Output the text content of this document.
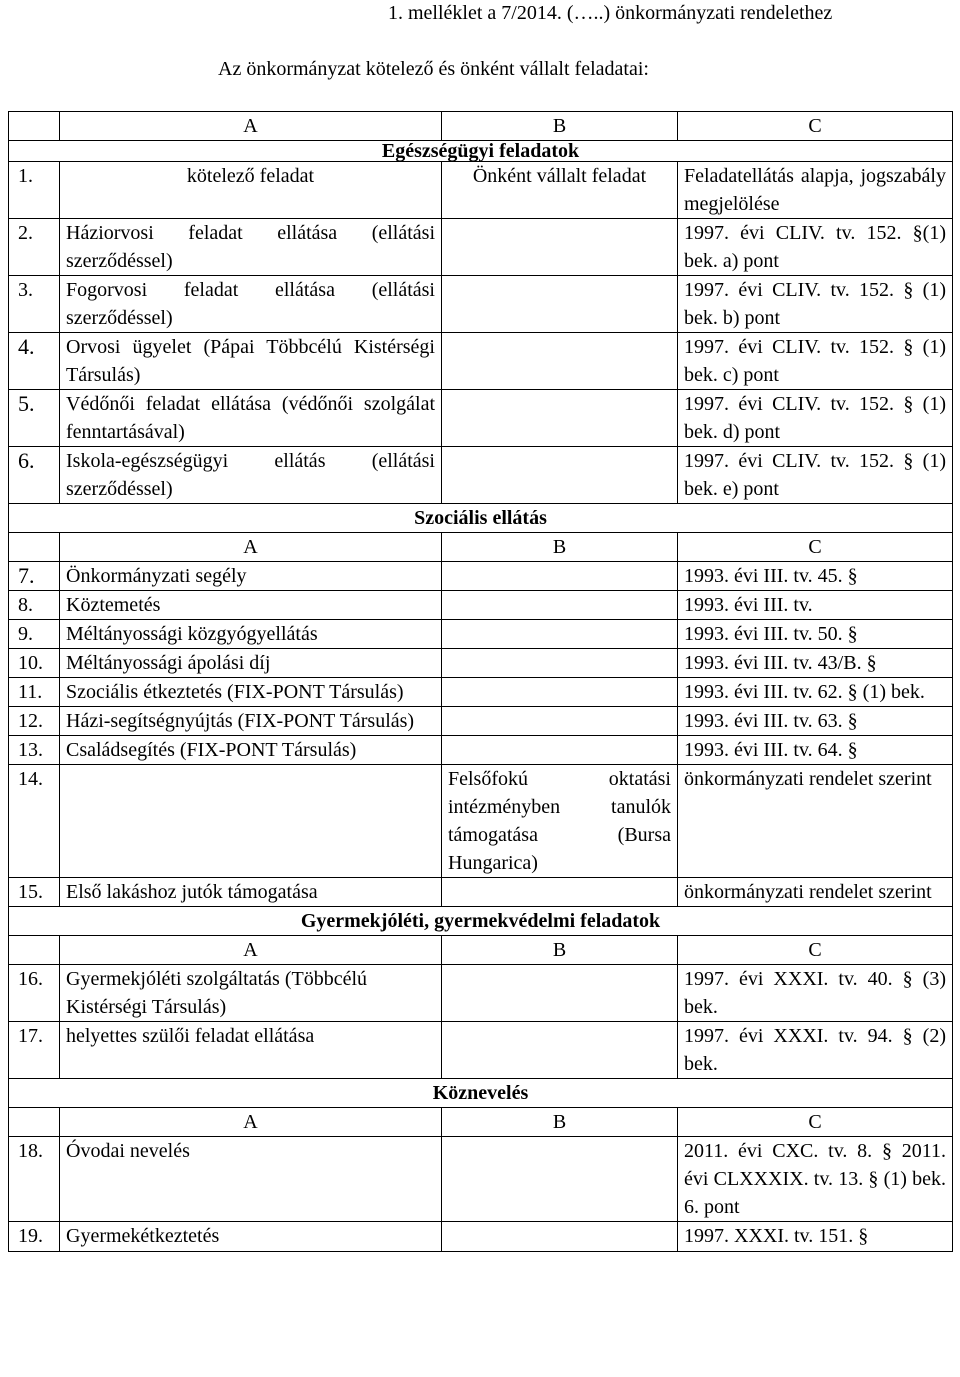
1. melléklet a 7/2014. (…..) önkormányzati rendelethez
Az önkormányzat kötelező és önként vállalt feladatai:
	A	B	C
Egészségügyi feladatok			
1.	kötelező feladat	Önként vállalt feladat	Feladatellátás alapja, jogszabály megjelölése
2.	Háziorvosi feladat ellátása (ellátási szerződéssel)		1997. évi CLIV. tv. 152. §(1) bek. a) pont
3.	Fogorvosi feladat ellátása (ellátási szerződéssel)		1997. évi CLIV. tv. 152. § (1) bek. b) pont
4.	Orvosi ügyelet (Pápai Többcélú Kistérségi Társulás)		1997. évi CLIV. tv. 152. § (1) bek. c) pont
5.	Védőnői feladat ellátása (védőnői szolgálat fenntartásával)		1997. évi CLIV. tv. 152. § (1) bek. d) pont
6.	Iskola-egészségügyi ellátás (ellátási szerződéssel)		1997. évi CLIV. tv. 152. § (1) bek. e) pont
Szociális ellátás			
	A	B	C
7.	Önkormányzati segély		1993. évi III. tv. 45. §
8.	Köztemetés		1993. évi III. tv.
9.	Méltányossági közgyógyellátás		1993. évi III. tv. 50. §
10.	Méltányossági ápolási díj		1993. évi III. tv. 43/B. §
11.	Szociális étkeztetés (FIX-PONT Társulás)		1993. évi III. tv. 62. § (1) bek.
12.	Házi-segítségnyújtás (FIX-PONT Társulás)		1993. évi III. tv. 63. §
13.	Családsegítés (FIX-PONT Társulás)		1993. évi III. tv. 64. §
14.		Felsőfokú oktatási intézményben tanulók támogatása (Bursa Hungarica)	önkormányzati rendelet szerint
15.	Első lakáshoz jutók támogatása		önkormányzati rendelet szerint
Gyermekjóléti, gyermekvédelmi feladatok			
	A	B	C
16.	Gyermekjóléti szolgáltatás (Többcélú Kistérségi Társulás)		1997. évi XXXI. tv. 40. § (3) bek.
17.	helyettes szülői feladat ellátása		1997. évi XXXI. tv. 94. § (2) bek.
Köznevelés			
	A	B	C
18.	Óvodai nevelés		2011. évi CXC. tv. 8. § 2011. évi CLXXXIX. tv. 13. § (1) bek. 6. pont
19.	Gyermekétkeztetés		1997. XXXI. tv. 151. §
